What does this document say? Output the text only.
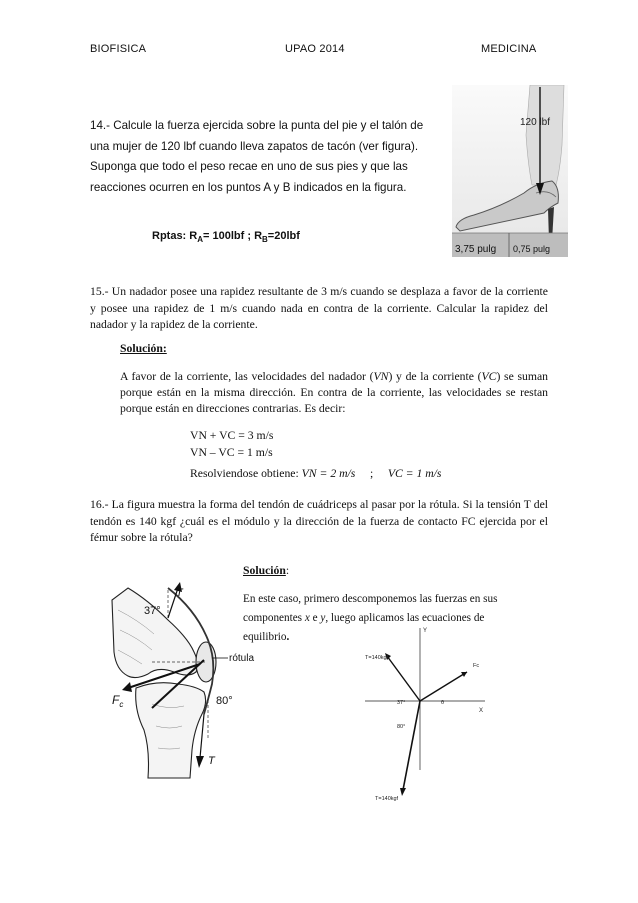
BIOFISICA	UPAO 2014	MEDICINA
14.- Calcule la fuerza ejercida sobre la punta del pie y el talón de una mujer de 120 lbf cuando lleva zapatos de tacón (ver figura). Suponga que todo el peso recae en uno de sus pies y que las reacciones ocurren en los puntos A y B indicados en la figura.
Rptas: $R_A= 100lbf$ ; $R_B=20lbf$
120 lbf
3,75 pulg 0,75 pulg
15.- Un nadador posee una rapidez resultante de 3 m/s cuando se desplaza a favor de la corriente y posee una rapidez de 1 m/s cuando nada en contra de la corriente. Calcular la rapidez del nadador y la rapidez de la corriente.
Solución:
A favor de la corriente, las velocidades del nadador (VN) y de la corriente (VC) se suman porque están en la misma dirección. En contra de la corriente, las velocidades se restan porque están en direcciones contrarias. Es decir:
VN + VC = 3 m/s
VN – VC = 1 m/s
Resolviendose obtiene: VN = 2 m/s     ;     VC = 1 m/s
16.- La figura muestra la forma del tendón de cuádriceps al pasar por la rótula. Si la tensión T del tendón es 140 kgf ¿cuál es el módulo y la dirección de la fuerza de contacto FC ejercida por el fémur sobre la rótula?
Solución:
En este caso, primero descomponemos las fuerzas en sus componentes x e y, luego aplicamos las ecuaciones de equilibrio.
T
37°
rótula
$F_c$	80°
T
Y
X
T=140kgf
Fc
37°	θ
80°
T=140kgf
